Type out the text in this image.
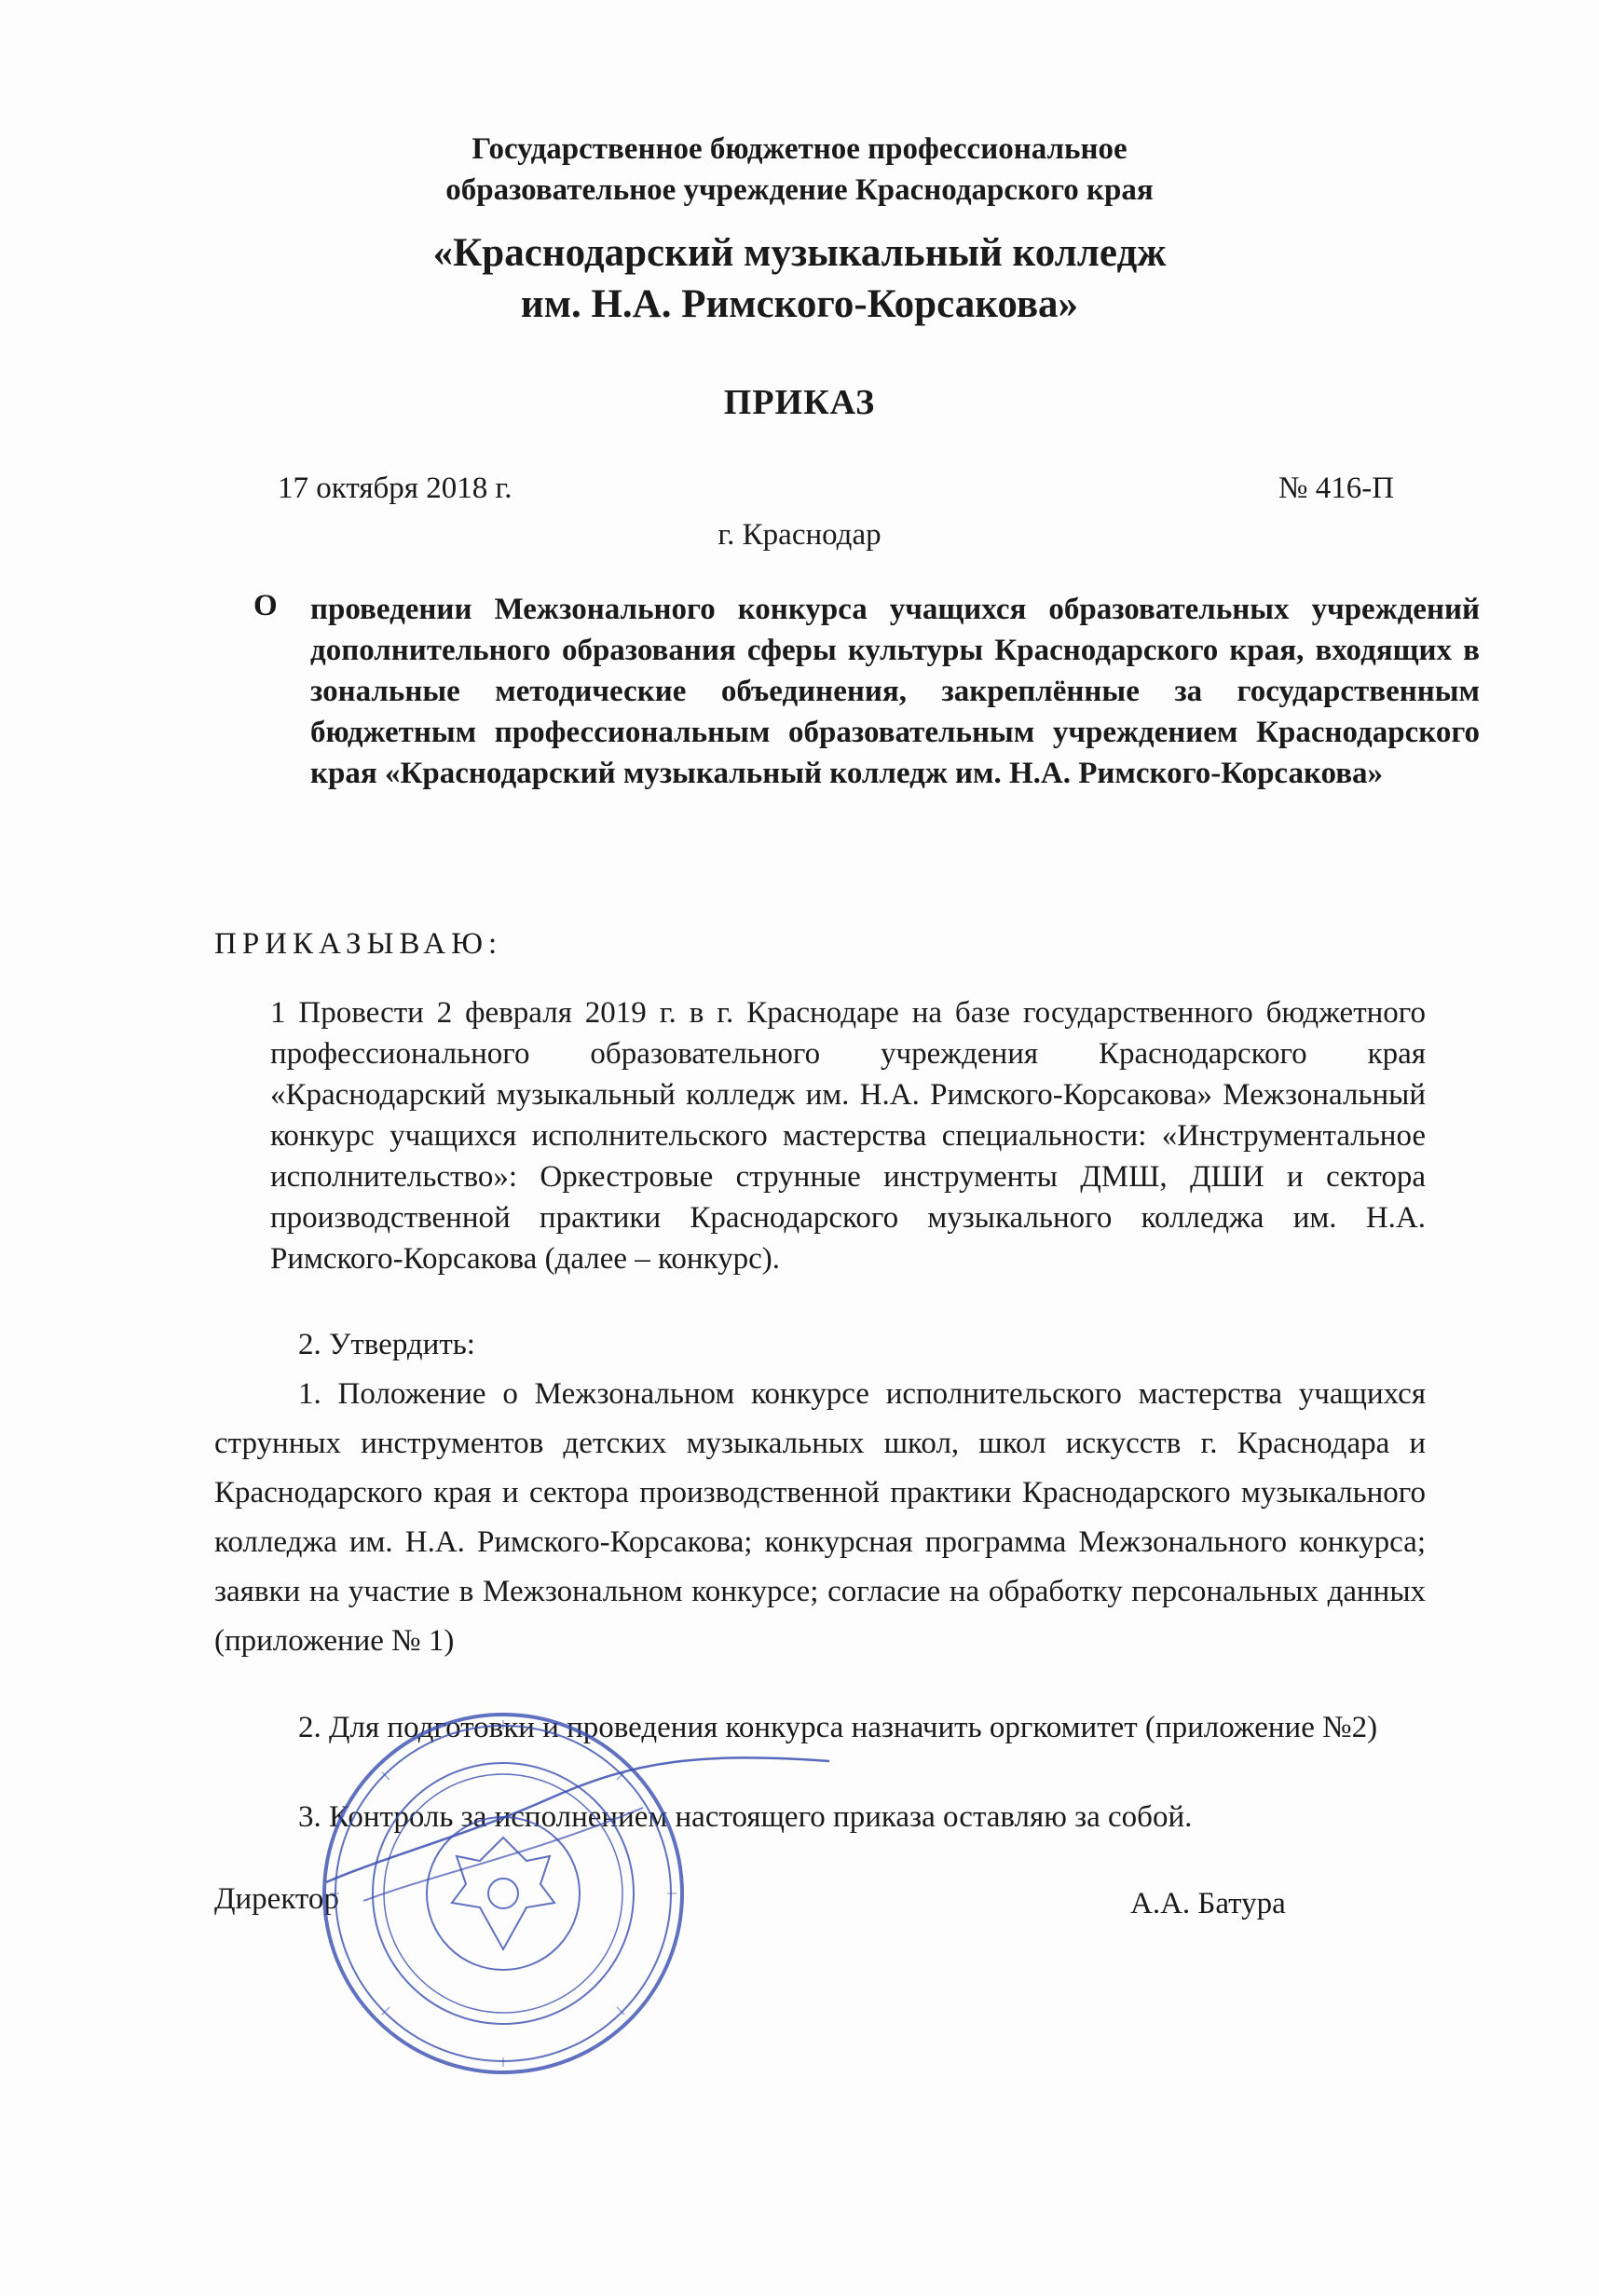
Государственное бюджетное профессиональное
образовательное учреждение Краснодарского края
«Краснодарский музыкальный колледж
им. Н.А. Римского-Корсакова»
ПРИКАЗ
17 октября 2018 г.	№ 416-П
г. Краснодар
О проведении Межзонального конкурса учащихся образовательных учреждений дополнительного образования сферы культуры Краснодарского края, входящих в зональные методические объединения, закреплённые за государственным бюджетным профессиональным образовательным учреждением Краснодарского края «Краснодарский музыкальный колледж им. Н.А. Римского-Корсакова»
ПРИКАЗЫВАЮ:
1 Провести 2 февраля 2019 г. в г. Краснодаре на базе государственного бюджетного профессионального образовательного учреждения Краснодарского края «Краснодарский музыкальный колледж им. Н.А. Римского-Корсакова» Межзональный конкурс учащихся исполнительского мастерства специальности: «Инструментальное исполнительство»: Оркестровые струнные инструменты ДМШ, ДШИ и сектора производственной практики Краснодарского музыкального колледжа им. Н.А. Римского-Корсакова (далее – конкурс).
2. Утвердить:
1. Положение о Межзональном конкурсе исполнительского мастерства учащихся струнных инструментов детских музыкальных школ, школ искусств г. Краснодара и Краснодарского края и сектора производственной практики Краснодарского музыкального колледжа им. Н.А. Римского-Корсакова; конкурсная программа Межзонального конкурса; заявки на участие в Межзональном конкурсе; согласие на обработку персональных данных (приложение № 1)
2. Для подготовки и проведения конкурса назначить оргкомитет (приложение №2)
3. Контроль за исполнением настоящего приказа оставляю за собой.
Директор	А.А. Батура
